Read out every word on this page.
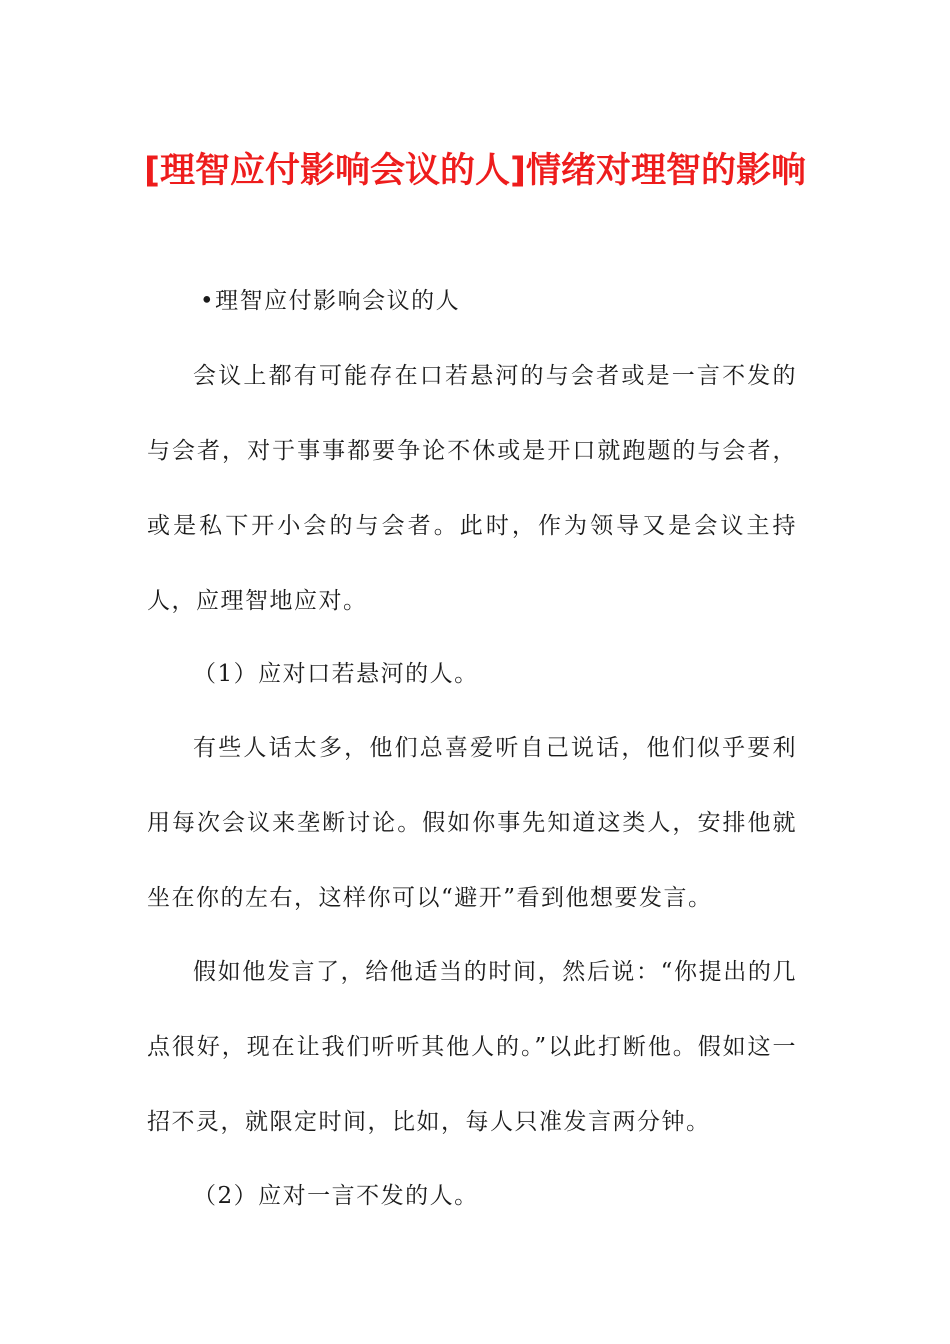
[理智应付影响会议的人]情绪对理智的影响

•理智应付影响会议的人

会议上都有可能存在口若悬河的与会者或是一言不发的与会者，对于事事都要争论不休或是开口就跑题的与会者，或是私下开小会的与会者。此时，作为领导又是会议主持人，应理智地应对。

（1）应对口若悬河的人。

有些人话太多，他们总喜爱听自己说话，他们似乎要利用每次会议来垄断讨论。假如你事先知道这类人，安排他就坐在你的左右，这样你可以“避开”看到他想要发言。

假如他发言了，给他适当的时间，然后说：“你提出的几点很好，现在让我们听听其他人的。”以此打断他。假如这一招不灵，就限定时间，比如，每人只准发言两分钟。

（2）应对一言不发的人。
